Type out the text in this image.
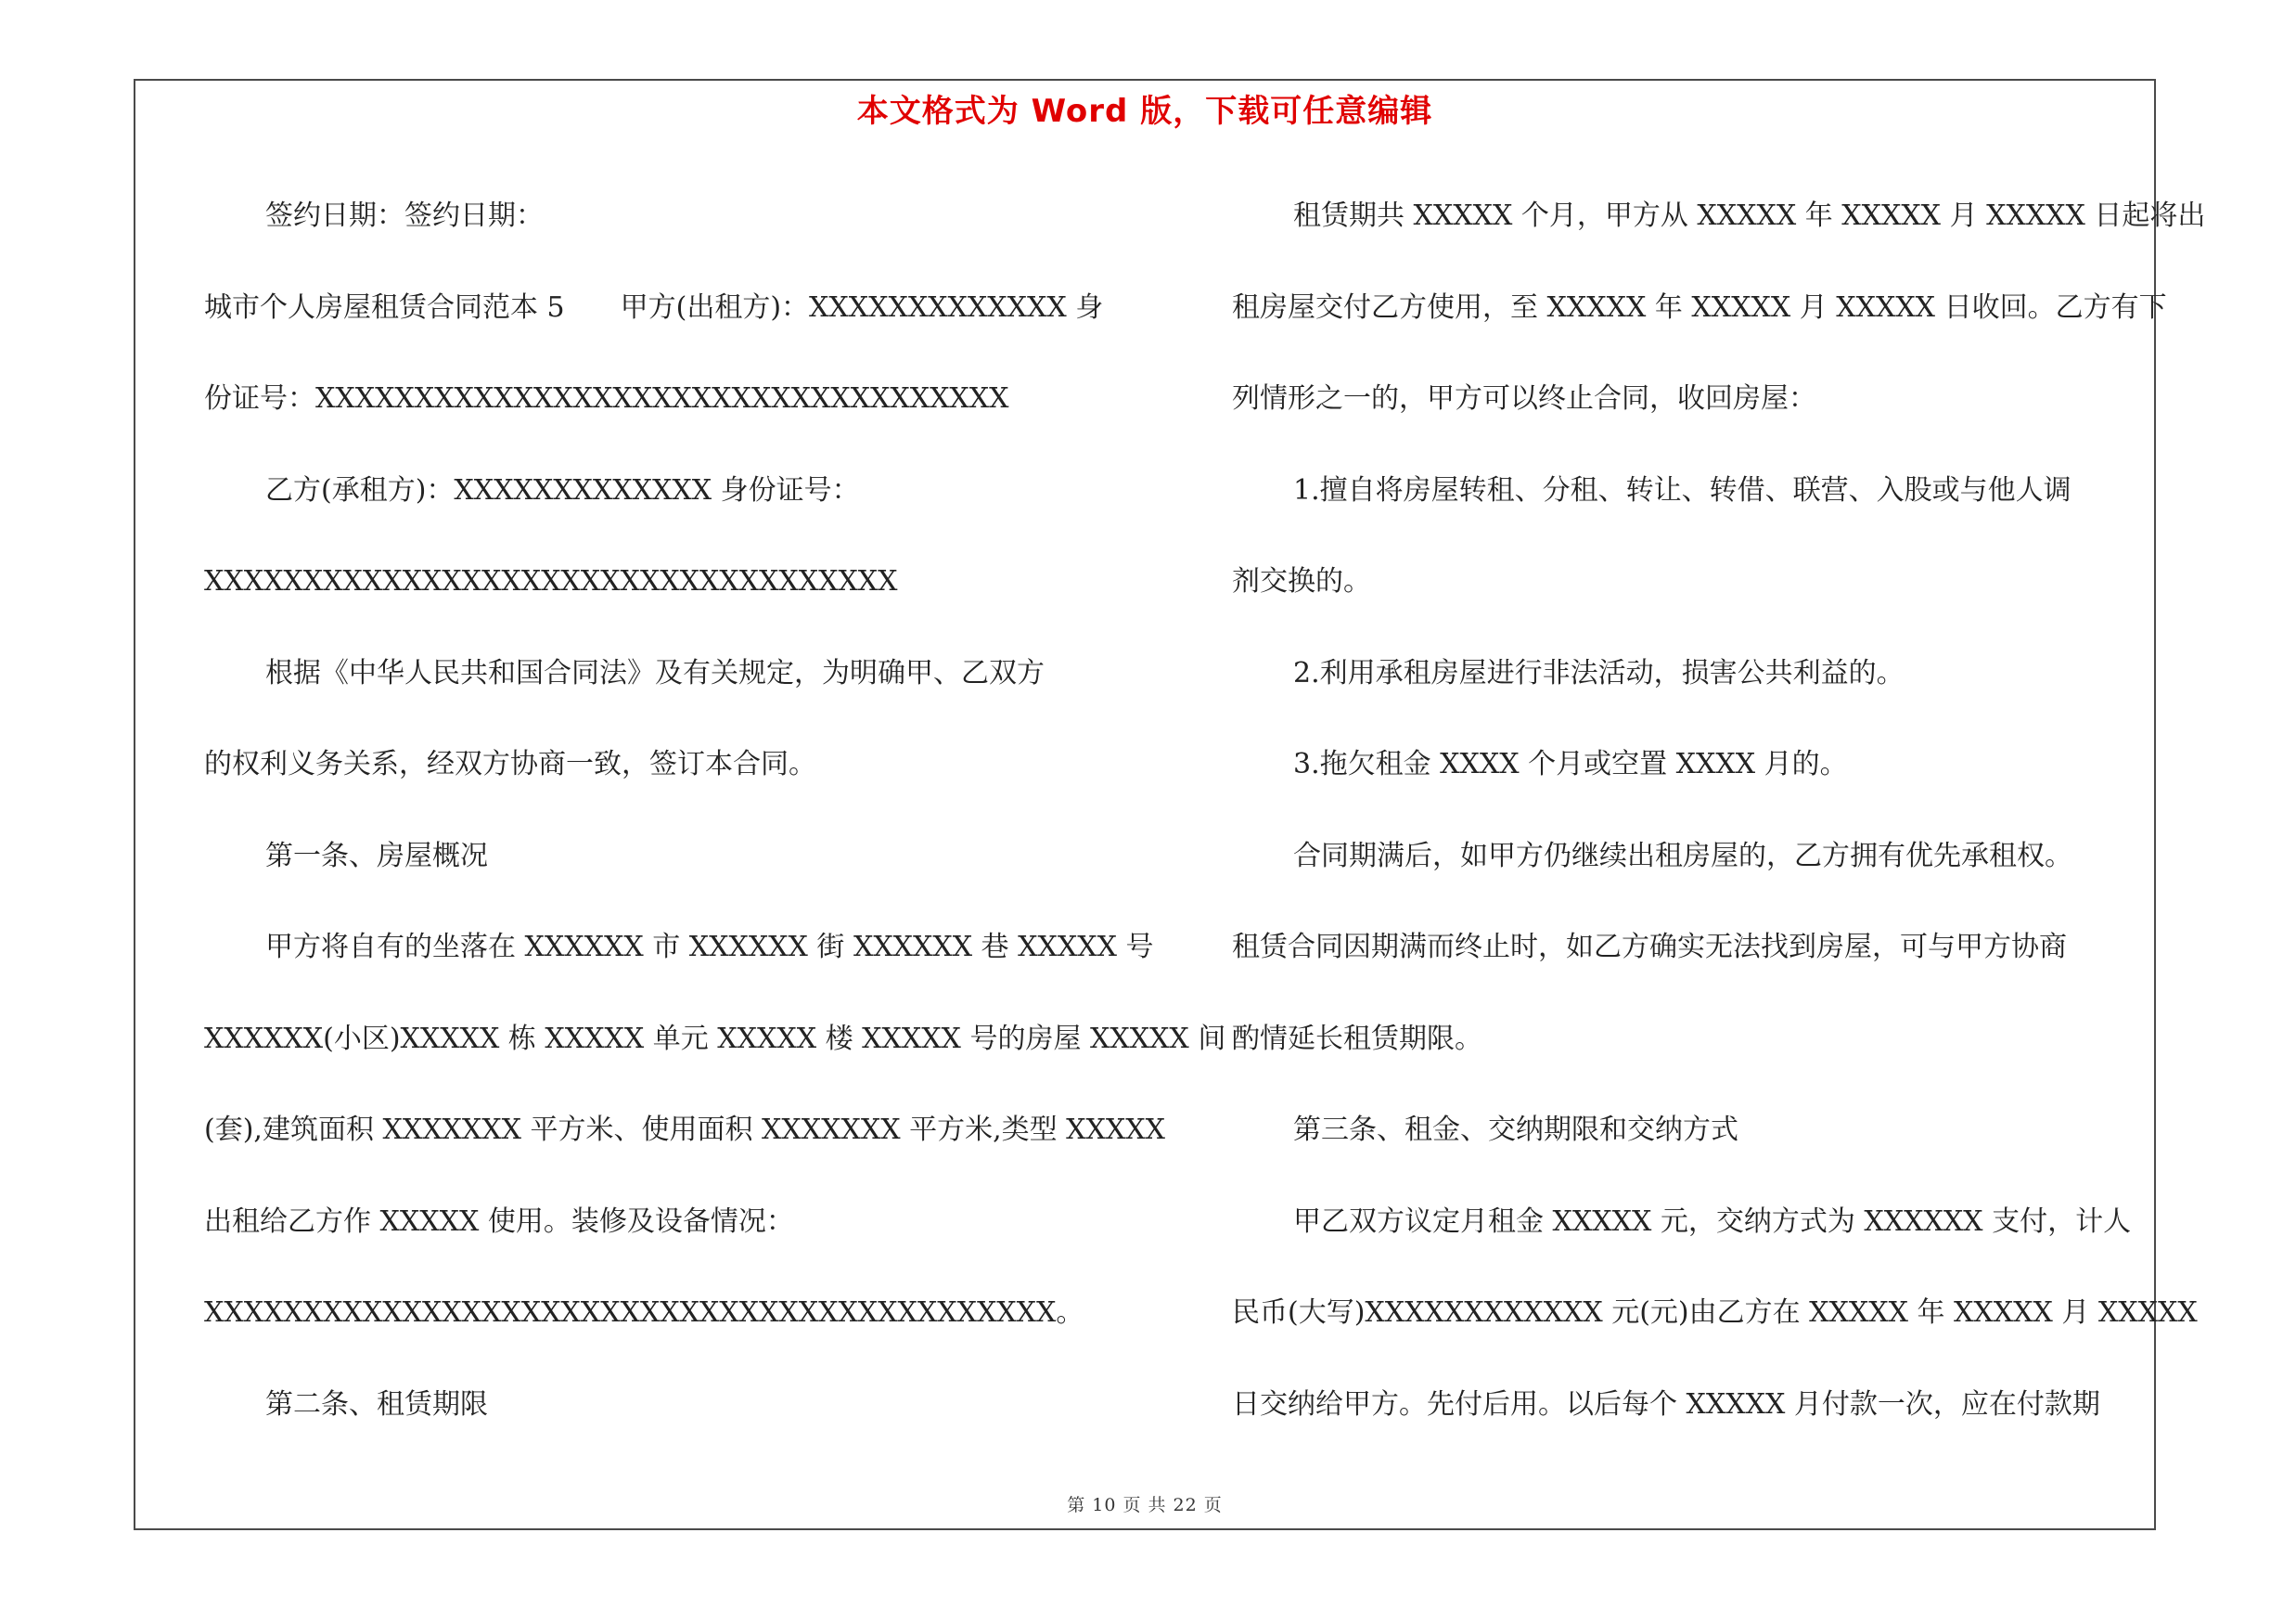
本文格式为 Word 版，下载可任意编辑
签约日期：签约日期：
城市个人房屋租赁合同范本 5　　甲方(出租方)：XXXXXXXXXXXXX 身
份证号：XXXXXXXXXXXXXXXXXXXXXXXXXXXXXXXXXXX
乙方(承租方)：XXXXXXXXXXXXX 身份证号：
XXXXXXXXXXXXXXXXXXXXXXXXXXXXXXXXXXX
根据《中华人民共和国合同法》及有关规定，为明确甲、乙双方
的权利义务关系，经双方协商一致，签订本合同。
第一条、房屋概况
甲方将自有的坐落在 XXXXXX 市 XXXXXX 街 XXXXXX 巷 XXXXX 号
XXXXXX(小区)XXXXX 栋 XXXXX 单元 XXXXX 楼 XXXXX 号的房屋 XXXXX 间
(套),建筑面积 XXXXXXX 平方米、使用面积 XXXXXXX 平方米,类型 XXXXX
出租给乙方作 XXXXX 使用。装修及设备情况：
XXXXXXXXXXXXXXXXXXXXXXXXXXXXXXXXXXXXXXXXXXX。
第二条、租赁期限
租赁期共 XXXXX 个月，甲方从 XXXXX 年 XXXXX 月 XXXXX 日起将出
租房屋交付乙方使用，至 XXXXX 年 XXXXX 月 XXXXX 日收回。乙方有下
列情形之一的，甲方可以终止合同，收回房屋：
1.擅自将房屋转租、分租、转让、转借、联营、入股或与他人调
剂交换的。
2.利用承租房屋进行非法活动，损害公共利益的。
3.拖欠租金 XXXX 个月或空置 XXXX 月的。
合同期满后，如甲方仍继续出租房屋的，乙方拥有优先承租权。
租赁合同因期满而终止时，如乙方确实无法找到房屋，可与甲方协商
酌情延长租赁期限。
第三条、租金、交纳期限和交纳方式
甲乙双方议定月租金 XXXXX 元，交纳方式为 XXXXXX 支付，计人
民币(大写)XXXXXXXXXXXX 元(元)由乙方在 XXXXX 年 XXXXX 月 XXXXX
日交纳给甲方。先付后用。以后每个 XXXXX 月付款一次，应在付款期
第 10 页 共 22 页
